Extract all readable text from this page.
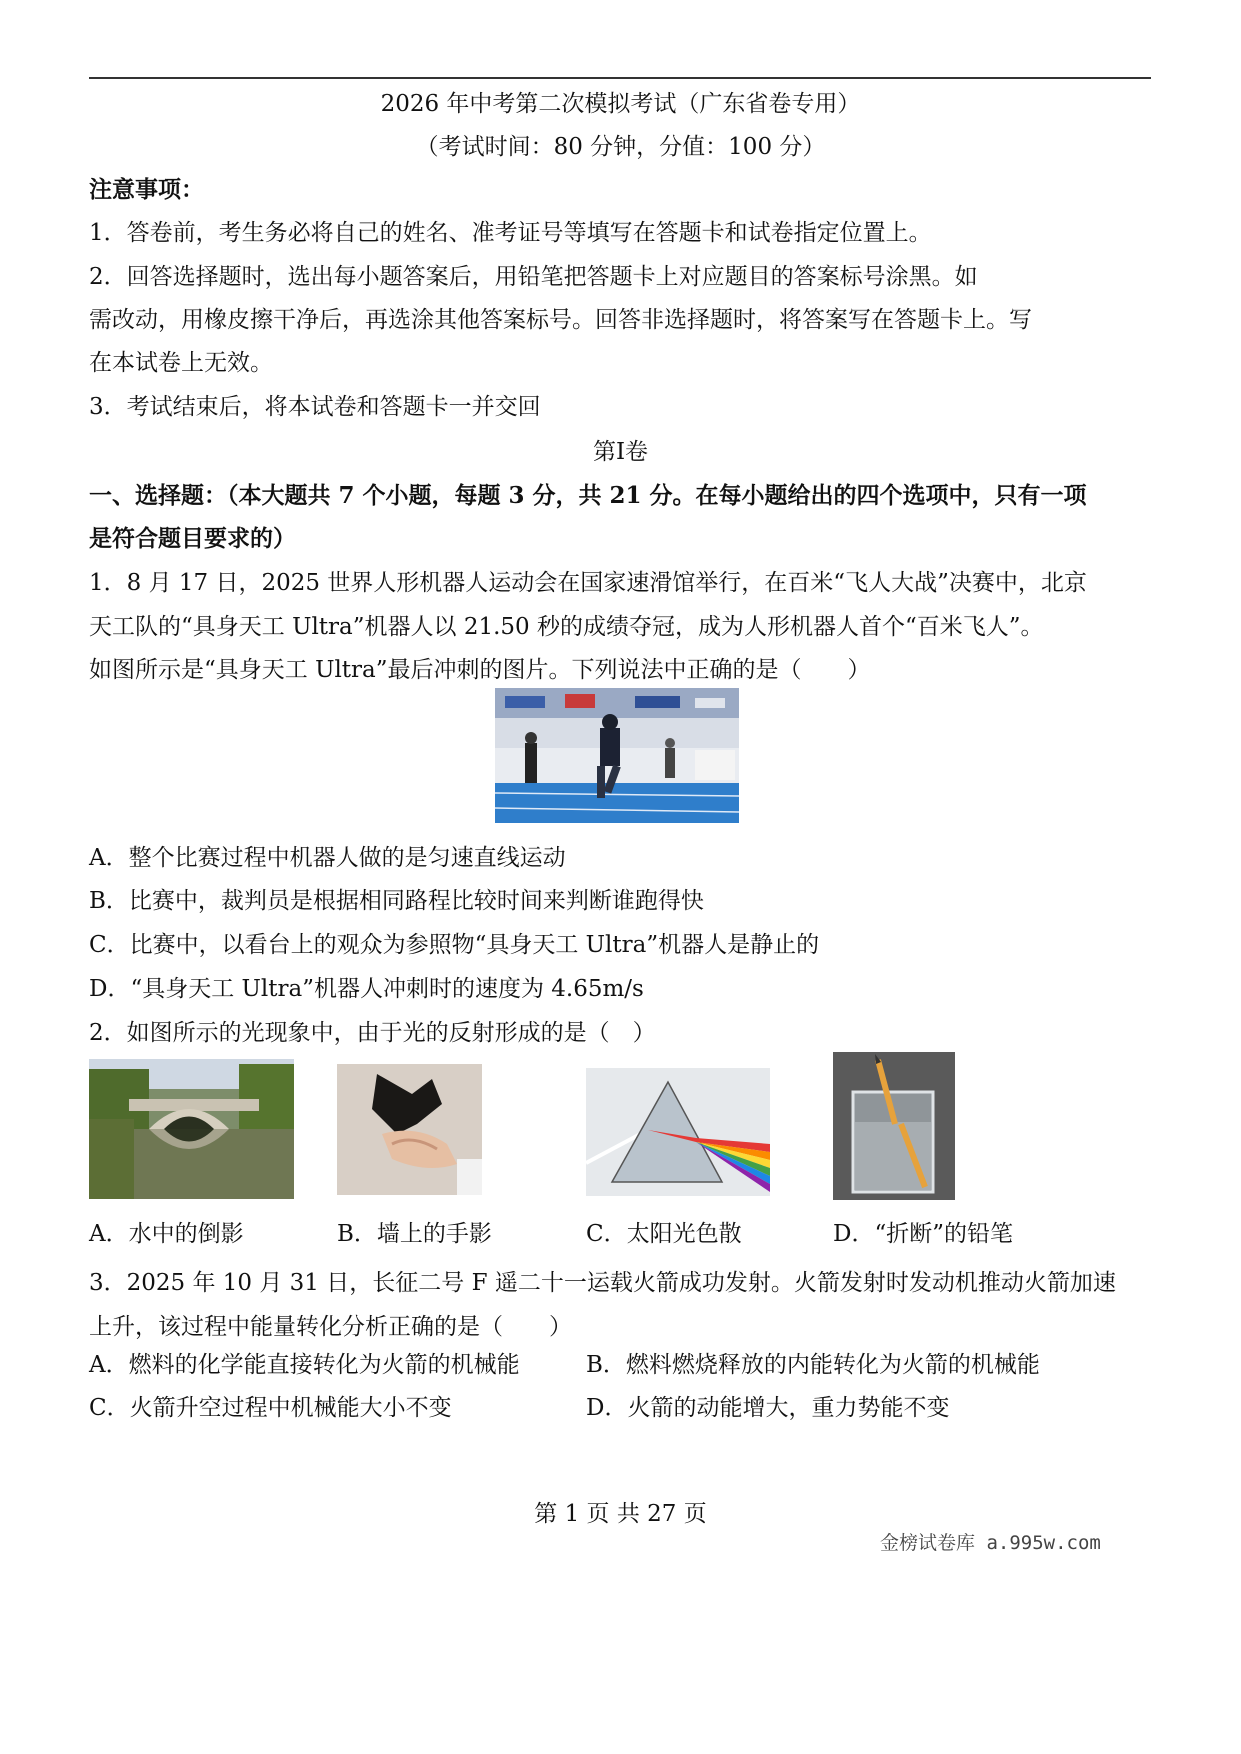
2026 年中考第二次模拟考试（广东省卷专用）
（考试时间：80 分钟，分值：100 分）
注意事项：
1．答卷前，考生务必将自己的姓名、准考证号等填写在答题卡和试卷指定位置上。
2．回答选择题时，选出每小题答案后，用铅笔把答题卡上对应题目的答案标号涂黑。如
需改动，用橡皮擦干净后，再选涂其他答案标号。回答非选择题时，将答案写在答题卡上。写
在本试卷上无效。
3．考试结束后，将本试卷和答题卡一并交回
第I卷
一、选择题：（本大题共 7 个小题，每题 3 分，共 21 分。在每小题给出的四个选项中，只有一项
是符合题目要求的）
1．8 月 17 日，2025 世界人形机器人运动会在国家速滑馆举行，在百米“飞人大战”决赛中，北京
天工队的“具身天工 Ultra”机器人以 21.50 秒的成绩夺冠，成为人形机器人首个“百米飞人”。
如图所示是“具身天工 Ultra”最后冲刺的图片。下列说法中正确的是（　　）
A．整个比赛过程中机器人做的是匀速直线运动
B．比赛中，裁判员是根据相同路程比较时间来判断谁跑得快
C．比赛中，以看台上的观众为参照物“具身天工 Ultra”机器人是静止的
D．“具身天工 Ultra”机器人冲刺时的速度为 4.65m/s
2．如图所示的光现象中，由于光的反射形成的是（　）
A．水中的倒影	B．墙上的手影	C．太阳光色散	D．“折断”的铅笔
3．2025 年 10 月 31 日，长征二号 F 遥二十一运载火箭成功发射。火箭发射时发动机推动火箭加速
上升，该过程中能量转化分析正确的是（　　）
A．燃料的化学能直接转化为火箭的机械能	B．燃料燃烧释放的内能转化为火箭的机械能
C．火箭升空过程中机械能大小不变	D．火箭的动能增大，重力势能不变
第 1 页 共 27 页
金榜试卷库 a.995w.com
